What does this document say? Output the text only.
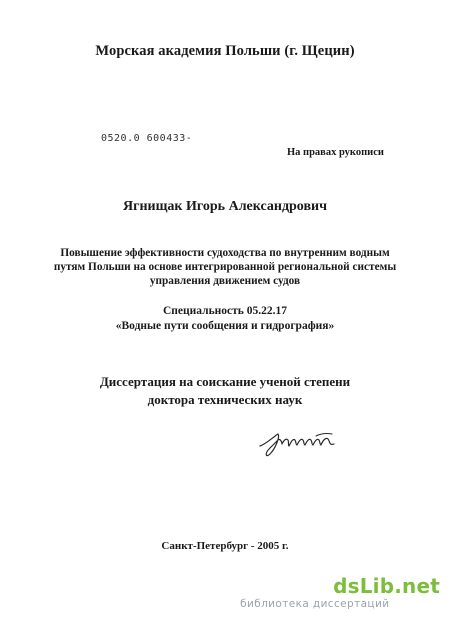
Морская академия Польши (г. Щецин)
0520.0 600433-
На правах рукописи
Ягнищак Игорь Александрович
Повышение эффективности судоходства по внутренним водным
путям Польши на основе интегрированной региональной системы
управления движением судов
Специальность 05.22.17
«Водные пути сообщения и гидрография»
Диссертация на соискание ученой степени
доктора технических наук
Санкт-Петербург - 2005 г.
dsLib.net
библиотека диссертаций
